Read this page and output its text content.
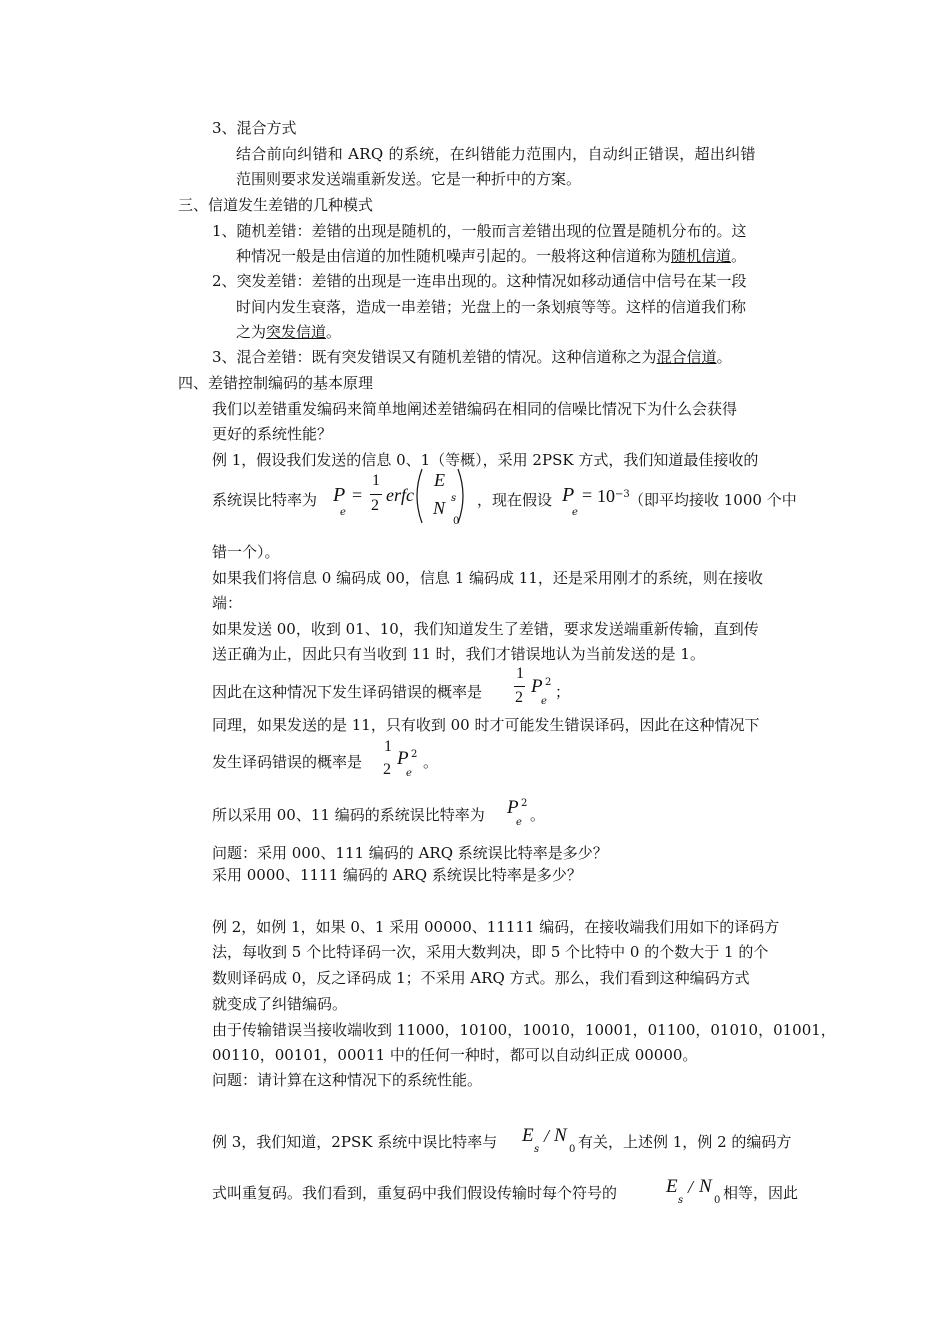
3、混合方式
结合前向纠错和 ARQ 的系统，在纠错能力范围内，自动纠正错误，超出纠错
范围则要求发送端重新发送。它是一种折中的方案。
三、信道发生差错的几种模式
1、随机差错：差错的出现是随机的，一般而言差错出现的位置是随机分布的。这
种情况一般是由信道的加性随机噪声引起的。一般将这种信道称为随机信道。
2、突发差错：差错的出现是一连串出现的。这种情况如移动通信中信号在某一段
时间内发生衰落，造成一串差错；光盘上的一条划痕等等。这样的信道我们称
之为突发信道。
3、混合差错：既有突发错误又有随机差错的情况。这种信道称之为混合信道。
四、差错控制编码的基本原理
我们以差错重发编码来简单地阐述差错编码在相同的信噪比情况下为什么会获得
更好的系统性能？
例 1，假设我们发送的信息 0、1（等概），采用 2PSK 方式，我们知道最佳接收的
系统误比特率为 P
e
=
1
2
erfc
E
s
N
0
，现在假设 P
e
= 10 −3 （即平均接收 1000 个中
错一个）。
如果我们将信息 0 编码成 00，信息 1 编码成 11，还是采用刚才的系统，则在接收
端：
如果发送 00，收到 01、10，我们知道发生了差错，要求发送端重新传输，直到传
送正确为止，因此只有当收到 11 时，我们才错误地认为当前发送的是 1。
因此在这种情况下发生译码错误的概率是
1
2
P 2
e
；
同理，如果发送的是 11，只有收到 00 时才可能发生错误译码，因此在这种情况下
发生译码错误的概率是
1
2
P 2
e
。
所以采用 00、11 编码的系统误比特率为 P 2
e 。
问题：采用 000、111 编码的 ARQ 系统误比特率是多少？
采用 0000、1111 编码的 ARQ 系统误比特率是多少？
例 2，如例 1，如果 0、1 采用 00000、11111 编码，在接收端我们用如下的译码方
法，每收到 5 个比特译码一次，采用大数判决，即 5 个比特中 0 的个数大于 1 的个
数则译码成 0，反之译码成 1；不采用 ARQ 方式。那么，我们看到这种编码方式
就变成了纠错编码。
由于传输错误当接收端收到 11000，10100，10010，10001，01100，01010，01001，
00110，00101，00011 中的任何一种时，都可以自动纠正成 00000。
问题：请计算在这种情况下的系统性能。
例 3，我们知道，2PSK 系统中误比特率与 E
s
/ N
0 有关，上述例 1，例 2 的编码方
式叫重复码。我们看到，重复码中我们假设传输时每个符号的	E
s
/ N
0 相等，因此
